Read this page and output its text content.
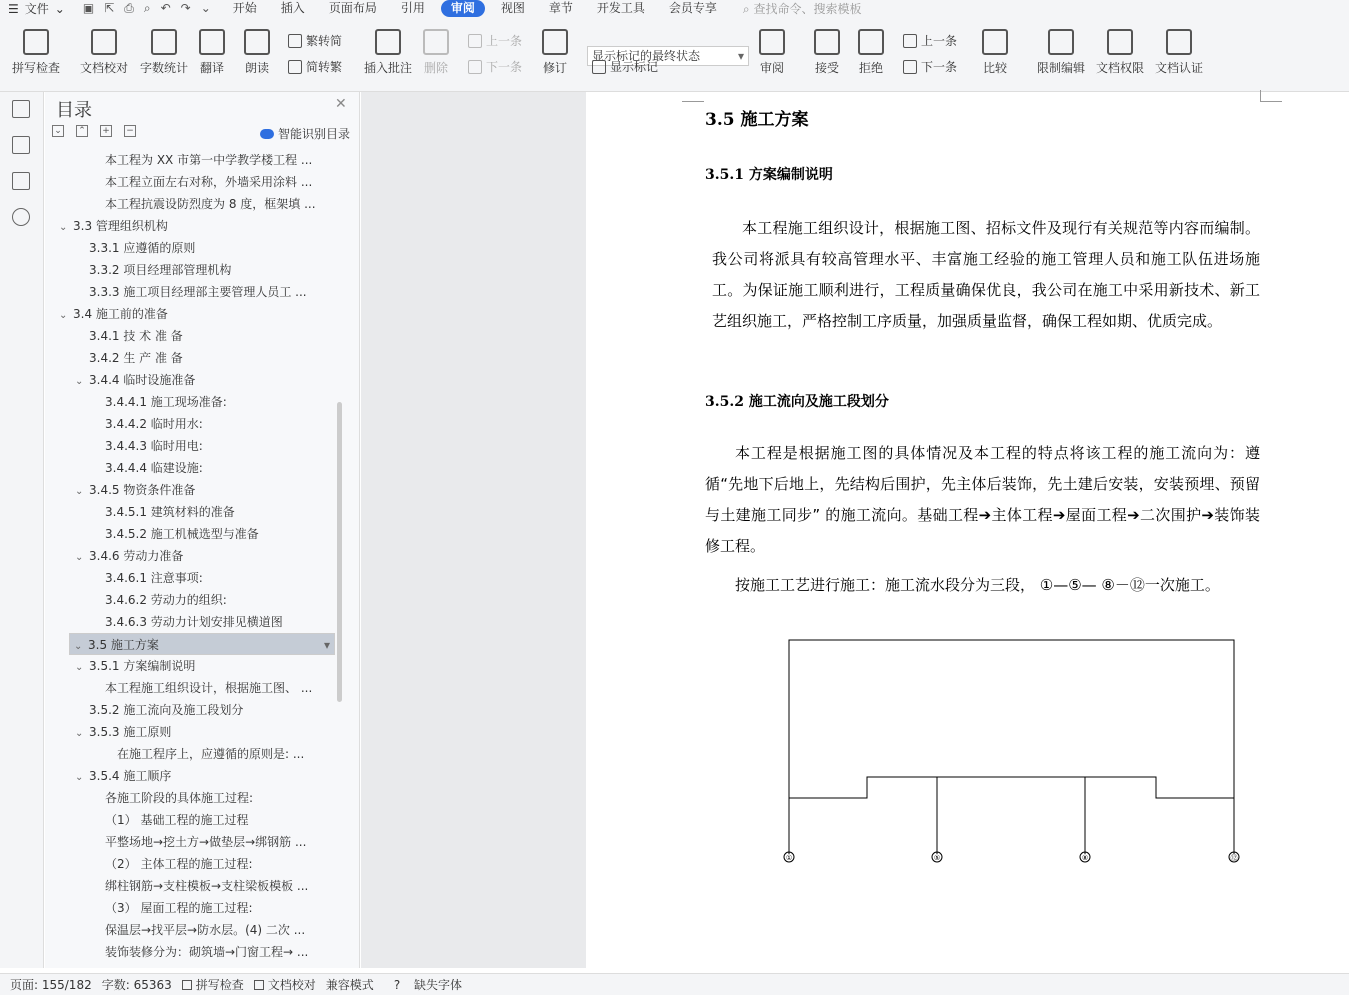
☰ 文件 ⌄ ▣ ⇱ ⎙ ⌕ ↶ ↷ ⌄	开始	插入	页面布局	引用	审阅	视图	章节	开发工具	会员专享	⌕ 查找命令、搜索模板
拼写检查 文档校对 字数统计 翻译 朗读
繁转简
简转繁 插入批注 删除
上一条
下一条 修订
显示标记的最终状态 ▾
显示标记	审阅	接受 拒绝
上一条
下一条 比较	限制编辑 文档权限 文档认证
目录	✕
⌄ ⌃ + −	智能识别目录
本工程为 XX 市第一中学教学楼工程 ...
本工程立面左右对称，外墙采用涂料 ...
本工程抗震设防烈度为 8 度，框架填 ...
⌄ 3.3 管理组织机构
3.3.1 应遵循的原则
3.3.2 项目经理部管理机构
3.3.3 施工项目经理部主要管理人员工 ...
⌄ 3.4 施工前的准备
3.4.1 技 术 准 备
3.4.2 生 产 准 备
⌄ 3.4.4 临时设施准备
3.4.4.1 施工现场准备:
3.4.4.2 临时用水:
3.4.4.3 临时用电:
3.4.4.4 临建设施:
⌄ 3.4.5 物资条件准备
3.4.5.1 建筑材料的准备
3.4.5.2 施工机械选型与准备
⌄ 3.4.6 劳动力准备
3.4.6.1 注意事项:
3.4.6.2 劳动力的组织:
3.4.6.3 劳动力计划安排见横道图
⌄ 3.5 施工方案 ▾
⌄ 3.5.1 方案编制说明
本工程施工组织设计，根据施工图、 ...
3.5.2 施工流向及施工段划分
⌄ 3.5.3 施工原则
在施工程序上，应遵循的原则是: ...
⌄ 3.5.4 施工顺序
各施工阶段的具体施工过程:
（1） 基础工程的施工过程
平整场地→挖土方→做垫层→绑钢筋 ...
（2） 主体工程的施工过程:
绑柱钢筋→支柱模板→支柱梁板模板 ...
（3） 屋面工程的施工过程:
保温层→找平层→防水层。(4) 二次 ...
装饰装修分为：砌筑墙→门窗工程→ ...
3.5 施工方案
3.5.1 方案编制说明
本工程施工组织设计，根据施工图、招标文件及现行有关规范等内容而编制。 我公司将派具有较高管理水平、丰富施工经验的施工管理人员和施工队伍进场施工。为保证施工顺利进行，工程质量确保优良，我公司在施工中采用新技术、新工艺组织施工，严格控制工序质量，加强质量监督，确保工程如期、优质完成。
3.5.2 施工流向及施工段划分
本工程是根据施工图的具体情况及本工程的特点将该工程的施工流向为：遵循“先地下后地上，先结构后围护，先主体后装饰，先土建后安装，安装预埋、预留与土建施工同步” 的施工流向。基础工程➔主体工程➔屋面工程➔二次围护➔装饰装修工程。
按施工工艺进行施工：施工流水段分为三段， ①—⑤— ⑧－⑫一次施工。
①	⑤	⑧	⑫
页面: 155/182 字数: 65363	拼写检查	文档校对 兼容模式	? 缺失字体
